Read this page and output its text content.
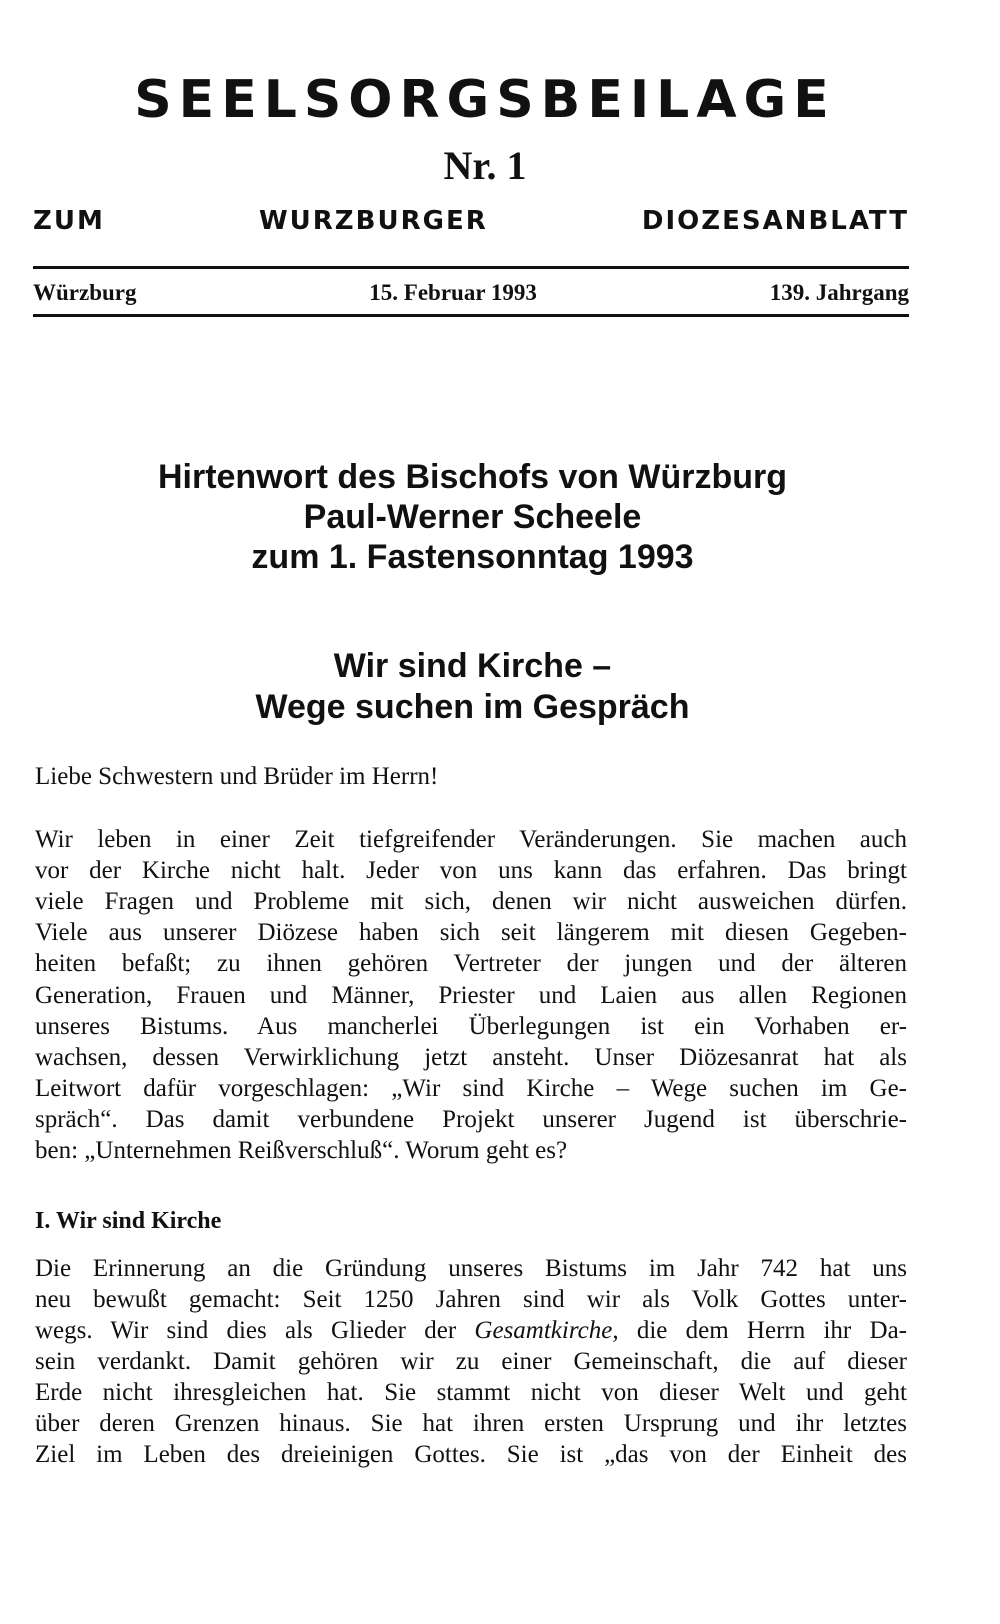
SEELSORGSBEILAGE
Nr. 1
ZUM WURZBURGER DIOZESANBLATT
Würzburg	15. Februar 1993	139. Jahrgang
Hirtenwort des Bischofs von Würzburg
Paul-Werner Scheele
zum 1. Fastensonntag 1993
Wir sind Kirche –
Wege suchen im Gespräch
Liebe Schwestern und Brüder im Herrn!
Wir leben in einer Zeit tiefgreifender Veränderungen. Sie machen auch
vor der Kirche nicht halt. Jeder von uns kann das erfahren. Das bringt
viele Fragen und Probleme mit sich, denen wir nicht ausweichen dürfen.
Viele aus unserer Diözese haben sich seit längerem mit diesen Gegeben-
heiten befaßt; zu ihnen gehören Vertreter der jungen und der älteren
Generation, Frauen und Männer, Priester und Laien aus allen Regionen
unseres Bistums. Aus mancherlei Überlegungen ist ein Vorhaben er-
wachsen, dessen Verwirklichung jetzt ansteht. Unser Diözesanrat hat als
Leitwort dafür vorgeschlagen: „Wir sind Kirche – Wege suchen im Ge-
spräch“. Das damit verbundene Projekt unserer Jugend ist überschrie-
ben: „Unternehmen Reißverschluß“. Worum geht es?
I. Wir sind Kirche
Die Erinnerung an die Gründung unseres Bistums im Jahr 742 hat uns
neu bewußt gemacht: Seit 1250 Jahren sind wir als Volk Gottes unter-
wegs. Wir sind dies als Glieder der Gesamtkirche, die dem Herrn ihr Da-
sein verdankt. Damit gehören wir zu einer Gemeinschaft, die auf dieser
Erde nicht ihresgleichen hat. Sie stammt nicht von dieser Welt und geht
über deren Grenzen hinaus. Sie hat ihren ersten Ursprung und ihr letztes
Ziel im Leben des dreieinigen Gottes. Sie ist „das von der Einheit des
